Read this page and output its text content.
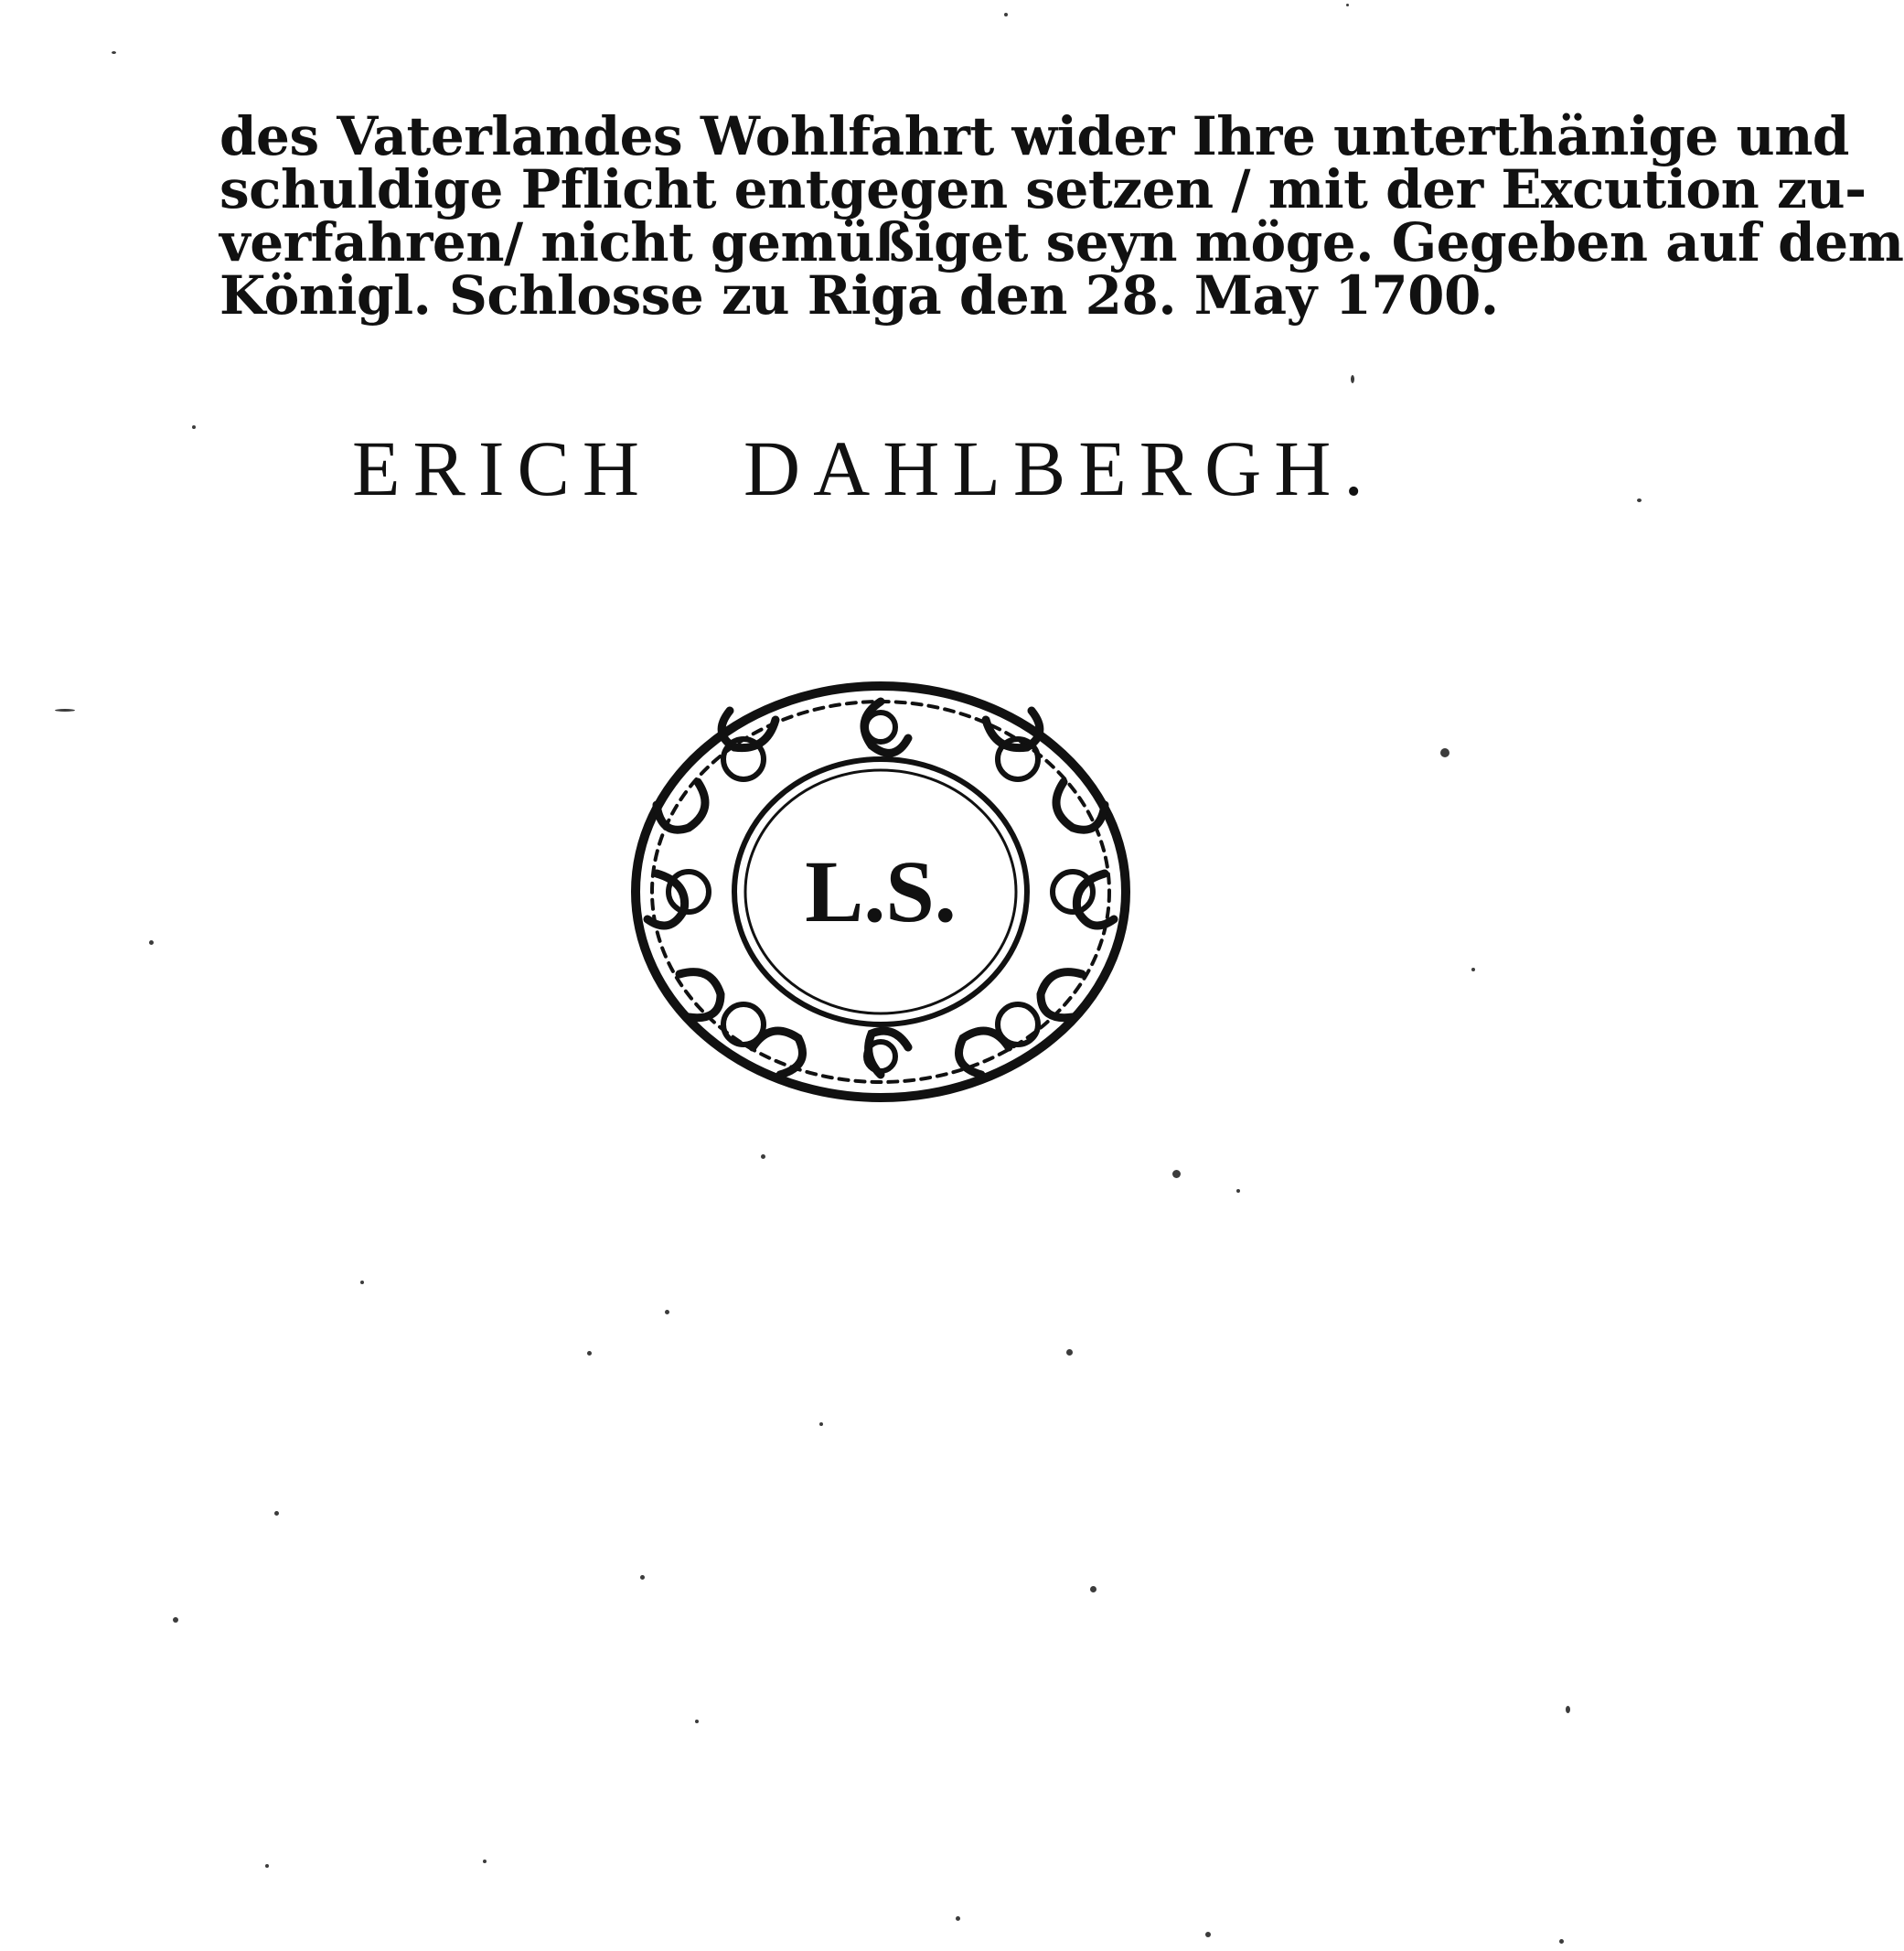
des Vaterlandes Wohlfahrt wider Ihre unterthänige und

schuldige Pflicht entgegen setzen / mit der Excution zu-

verfahren/ nicht gemüßiget seyn möge. Gegeben auf dem

Königl. Schlosse zu Riga den 28. May 1700.

ERICH DAHLBERGH.
L.S.
